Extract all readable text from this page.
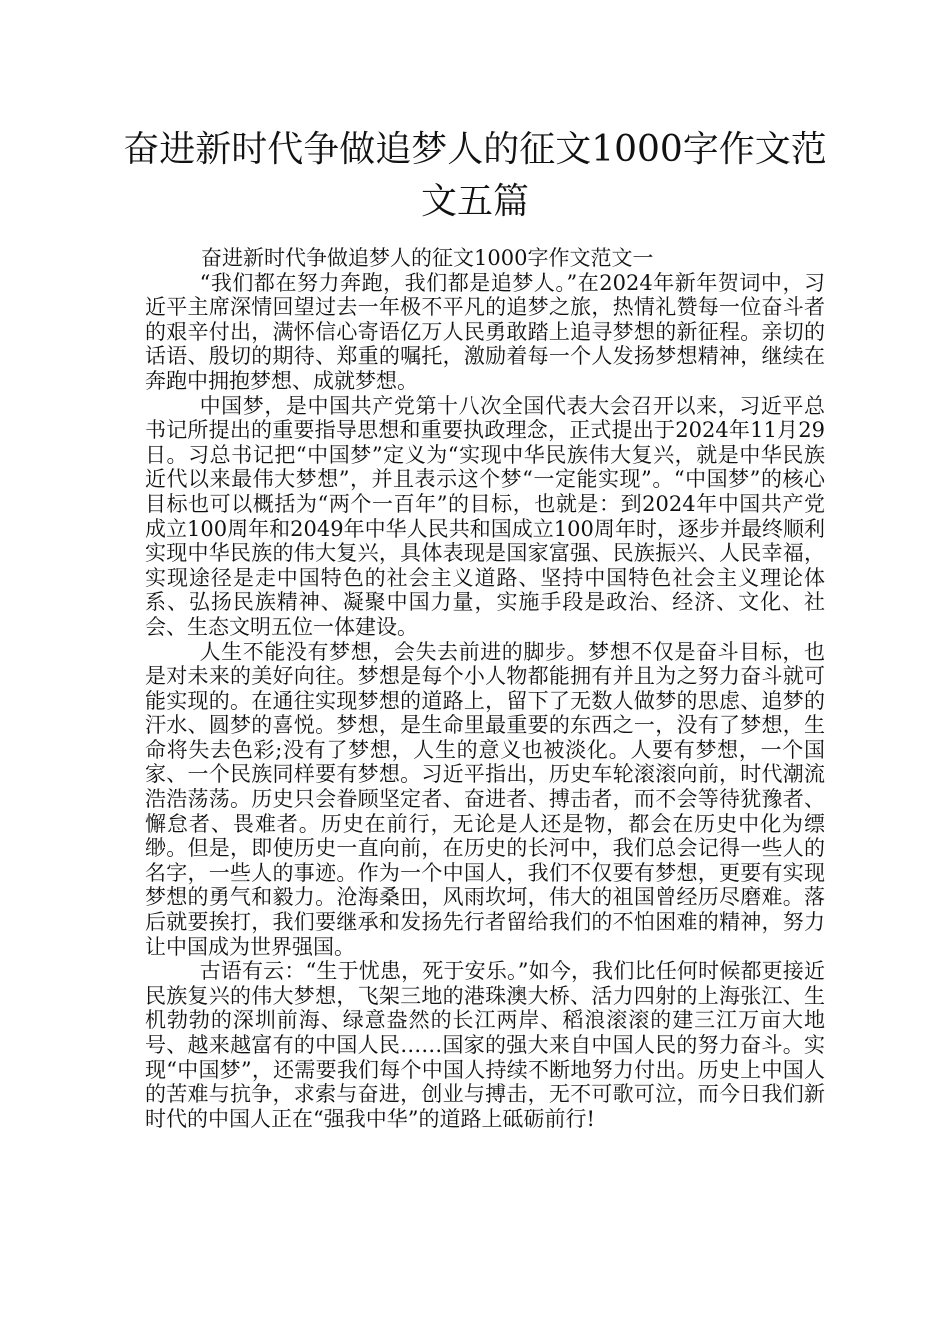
奋进新时代争做追梦人的征文1000字作文范文五篇
奋进新时代争做追梦人的征文1000字作文范文一

“我们都在努力奔跑，我们都是追梦人。”在2024年新年贺词中，习近平主席深情回望过去一年极不平凡的追梦之旅，热情礼赞每一位奋斗者的艰辛付出，满怀信心寄语亿万人民勇敢踏上追寻梦想的新征程。亲切的话语、殷切的期待、郑重的嘱托，激励着每一个人发扬梦想精神，继续在奔跑中拥抱梦想、成就梦想。

中国梦，是中国共产党第十八次全国代表大会召开以来，习近平总书记所提出的重要指导思想和重要执政理念，正式提出于2024年11月29日。习总书记把“中国梦”定义为“实现中华民族伟大复兴，就是中华民族近代以来最伟大梦想”，并且表示这个梦“一定能实现”。“中国梦”的核心目标也可以概括为“两个一百年”的目标，也就是：到2024年中国共产党成立100周年和2049年中华人民共和国成立100周年时，逐步并最终顺利实现中华民族的伟大复兴，具体表现是国家富强、民族振兴、人民幸福，实现途径是走中国特色的社会主义道路、坚持中国特色社会主义理论体系、弘扬民族精神、凝聚中国力量，实施手段是政治、经济、文化、社会、生态文明五位一体建设。

人生不能没有梦想，会失去前进的脚步。梦想不仅是奋斗目标，也是对未来的美好向往。梦想是每个小人物都能拥有并且为之努力奋斗就可能实现的。在通往实现梦想的道路上，留下了无数人做梦的思虑、追梦的汗水、圆梦的喜悦。梦想，是生命里最重要的东西之一，没有了梦想，生命将失去色彩;没有了梦想，人生的意义也被淡化。人要有梦想，一个国家、一个民族同样要有梦想。习近平指出，历史车轮滚滚向前，时代潮流浩浩荡荡。历史只会眷顾坚定者、奋进者、搏击者，而不会等待犹豫者、懈怠者、畏难者。历史在前行，无论是人还是物，都会在历史中化为缥缈。但是，即使历史一直向前，在历史的长河中，我们总会记得一些人的名字，一些人的事迹。作为一个中国人，我们不仅要有梦想，更要有实现梦想的勇气和毅力。沧海桑田，风雨坎坷，伟大的祖国曾经历尽磨难。落后就要挨打，我们要继承和发扬先行者留给我们的不怕困难的精神，努力让中国成为世界强国。

古语有云：“生于忧患，死于安乐。”如今，我们比任何时候都更接近民族复兴的伟大梦想，飞架三地的港珠澳大桥、活力四射的上海张江、生机勃勃的深圳前海、绿意盎然的长江两岸、稻浪滚滚的建三江万亩大地号、越来越富有的中国人民……国家的强大来自中国人民的努力奋斗。实现“中国梦”，还需要我们每个中国人持续不断地努力付出。历史上中国人的苦难与抗争，求索与奋进，创业与搏击，无不可歌可泣，而今日我们新时代的中国人正在“强我中华”的道路上砥砺前行!
